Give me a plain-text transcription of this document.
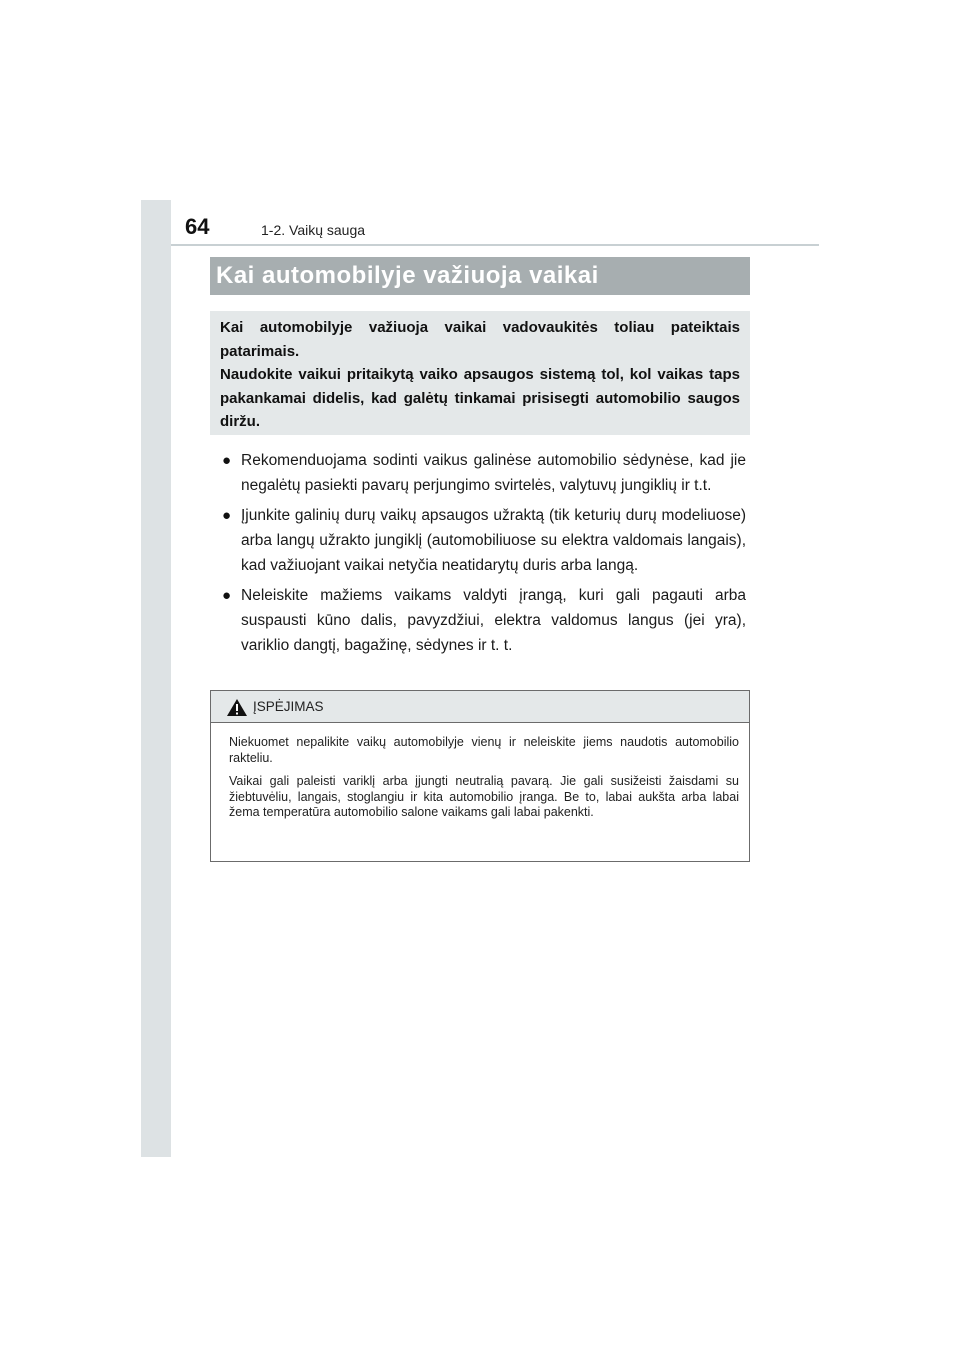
64	1-2. Vaikų sauga
Kai automobilyje važiuoja vaikai

Kai automobilyje važiuoja vaikai vadovaukitės toliau pateiktais patarimais.

Naudokite vaikui pritaikytą vaiko apsaugos sistemą tol, kol vaikas taps pakankamai didelis, kad galėtų tinkamai prisisegti automobilio saugos diržu.

● Rekomenduojama sodinti vaikus galinėse automobilio sėdynėse, kad jie negalėtų pasiekti pavarų perjungimo svirtelės, valytuvų jungiklių ir t.t.
● Įjunkite galinių durų vaikų apsaugos užraktą (tik keturių durų modeliuose) arba langų užrakto jungiklį (automobiliuose su elektra valdomais langais), kad važiuojant vaikai netyčia neatidarytų duris arba langą.
● Neleiskite mažiems vaikams valdyti įrangą, kuri gali pagauti arba suspausti kūno dalis, pavyzdžiui, elektra valdomus langus (jei yra), variklio dangtį, bagažinę, sėdynes ir t. t.
ĮSPĖJIMAS

Niekuomet nepalikite vaikų automobilyje vienų ir neleiskite jiems naudotis automobilio rakteliu.

Vaikai gali paleisti variklį arba įjungti neutralią pavarą. Jie gali susižeisti žaisdami su žiebtuvėliu, langais, stoglangiu ir kita automobilio įranga. Be to, labai aukšta arba labai žema temperatūra automobilio salone vaikams gali labai pakenkti.
